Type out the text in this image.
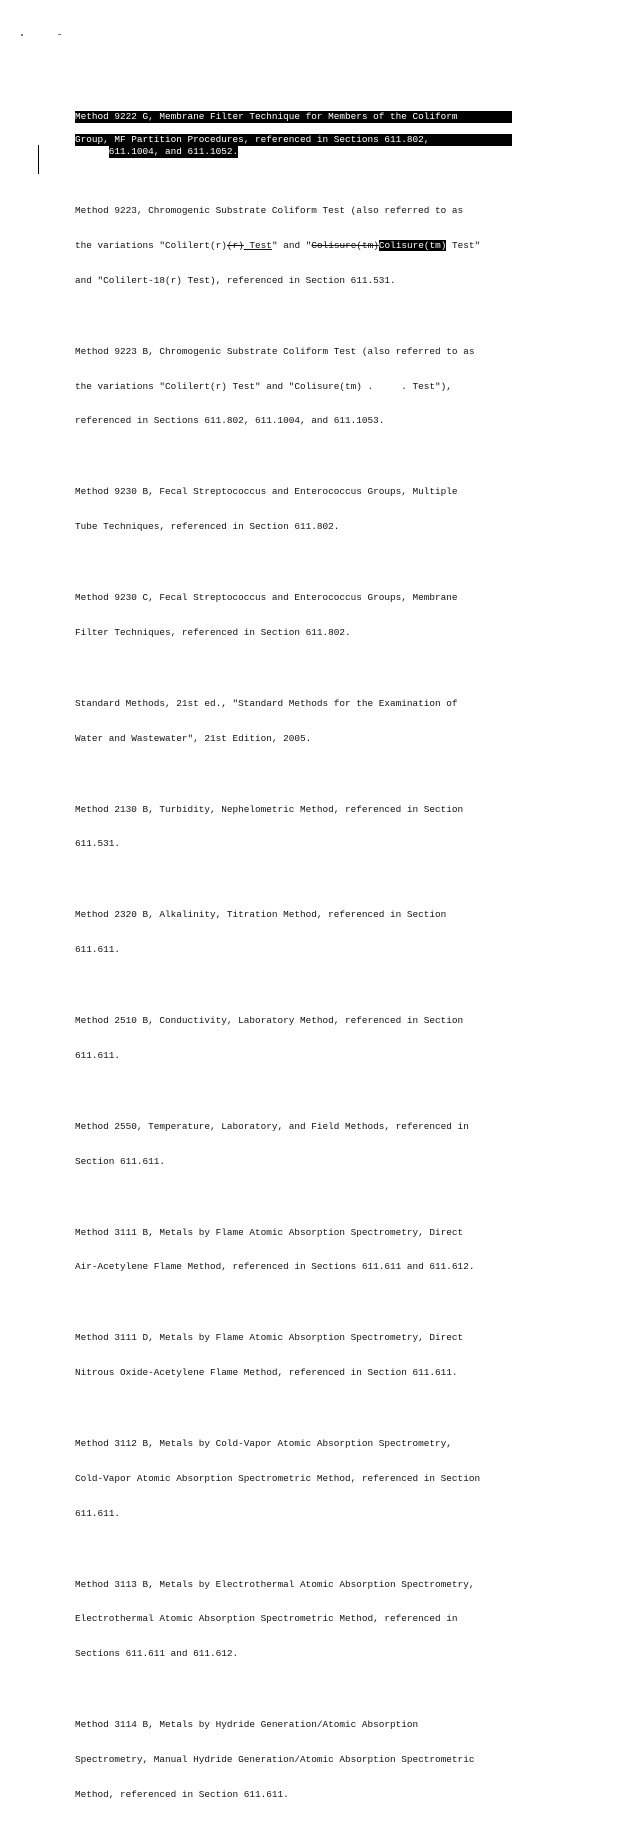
Method 9222 G, Membrane Filter Technique for Members of the Coliform
Group, MF Partition Procedures, referenced in Sections 611.802,
611.1004, and 611.1052.

Method 9223, Chromogenic Substrate Coliform Test (also referred to as

the variations "Colilert(r)(r) Test" and "Colisure(tm)Colisure(tm) Test"

and "Colilert-18(r) Test), referenced in Section 611.531.

Method 9223 B, Chromogenic Substrate Coliform Test (also referred to as

the variations "Colilert(r) Test" and "Colisure(tm) .     . Test"),

referenced in Sections 611.802, 611.1004, and 611.1053.

Method 9230 B, Fecal Streptococcus and Enterococcus Groups, Multiple

Tube Techniques, referenced in Section 611.802.

Method 9230 C, Fecal Streptococcus and Enterococcus Groups, Membrane

Filter Techniques, referenced in Section 611.802.

Standard Methods, 21st ed., "Standard Methods for the Examination of

Water and Wastewater", 21st Edition, 2005.

Method 2130 B, Turbidity, Nephelometric Method, referenced in Section

611.531.

Method 2320 B, Alkalinity, Titration Method, referenced in Section

611.611.

Method 2510 B, Conductivity, Laboratory Method, referenced in Section

611.611.

Method 2550, Temperature, Laboratory, and Field Methods, referenced in

Section 611.611.

Method 3111 B, Metals by Flame Atomic Absorption Spectrometry, Direct

Air-Acetylene Flame Method, referenced in Sections 611.611 and 611.612.

Method 3111 D, Metals by Flame Atomic Absorption Spectrometry, Direct

Nitrous Oxide-Acetylene Flame Method, referenced in Section 611.611.

Method 3112 B, Metals by Cold-Vapor Atomic Absorption Spectrometry,

Cold-Vapor Atomic Absorption Spectrometric Method, referenced in Section

611.611.

Method 3113 B, Metals by Electrothermal Atomic Absorption Spectrometry,

Electrothermal Atomic Absorption Spectrometric Method, referenced in

Sections 611.611 and 611.612.

Method 3114 B, Metals by Hydride Generation/Atomic Absorption

Spectrometry, Manual Hydride Generation/Atomic Absorption Spectrometric

Method, referenced in Section 611.611.
